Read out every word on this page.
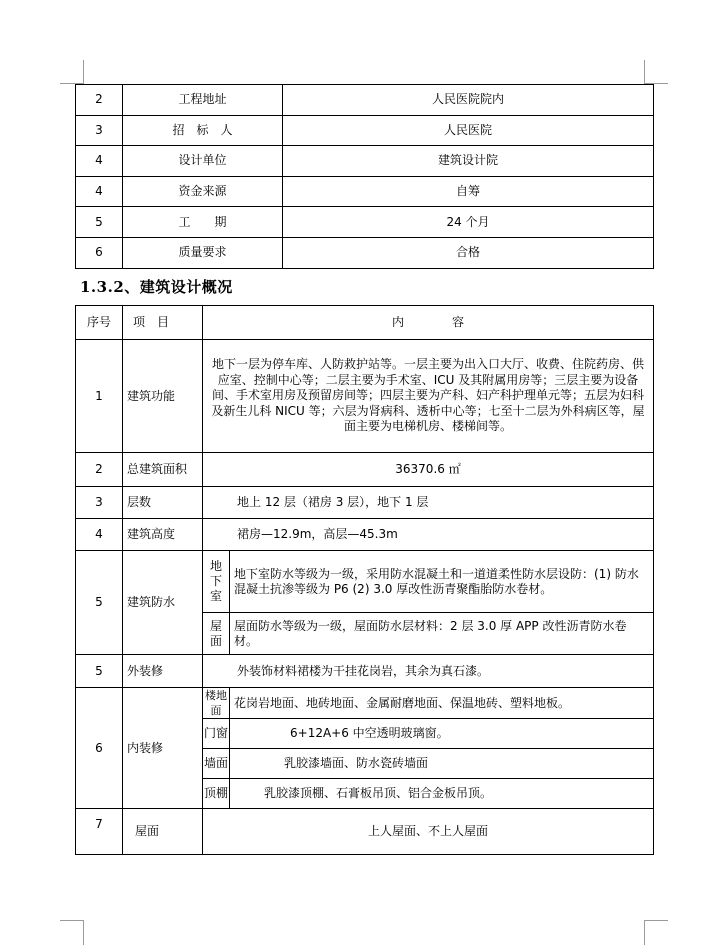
2	工程地址	人民医院院内
3	招　标　人	人民医院
4	设计单位	建筑设计院
4	资金来源	自筹
5	工　　期	24 个月
6	质量要求	合格
1.3.2、建筑设计概况
序号	项　目	内　　　　容	
1	建筑功能	地下一层为停车库、人防救护站等。一层主要为出入口大厅、收费、住院药房、供应室、控制中心等；二层主要为手术室、ICU 及其附属用房等；三层主要为设备间、手术室用房及预留房间等；四层主要为产科、妇产科护理单元等；五层为妇科及新生儿科 NICU 等；六层为肾病科、透析中心等；七至十二层为外科病区等，屋面主要为电梯机房、楼梯间等。	
2	总建筑面积	36370.6 ㎡	
3	层数	地上 12 层（裙房 3 层），地下 1 层	
4	建筑高度	裙房—12.9m，高层—45.3m	
5	建筑防水	地下室	地下室防水等级为一级，采用防水混凝土和一道道柔性防水层设防：(1) 防水混凝土抗渗等级为 P6 (2) 3.0 厚改性沥青聚酯胎防水卷材。
		屋面	屋面防水等级为一级，屋面防水层材料：2 层 3.0 厚 APP 改性沥青防水卷材。
5	外装修	外装饰材料裙楼为干挂花岗岩，其余为真石漆。	
6	内装修	楼地面	花岗岩地面、地砖地面、金属耐磨地面、保温地砖、塑料地板。
		门窗	6+12A+6 中空透明玻璃窗。
		墙面	乳胶漆墙面、防水瓷砖墙面
		顶棚	乳胶漆顶棚、石膏板吊顶、铝合金板吊顶。
7	屋面	上人屋面、不上人屋面	
